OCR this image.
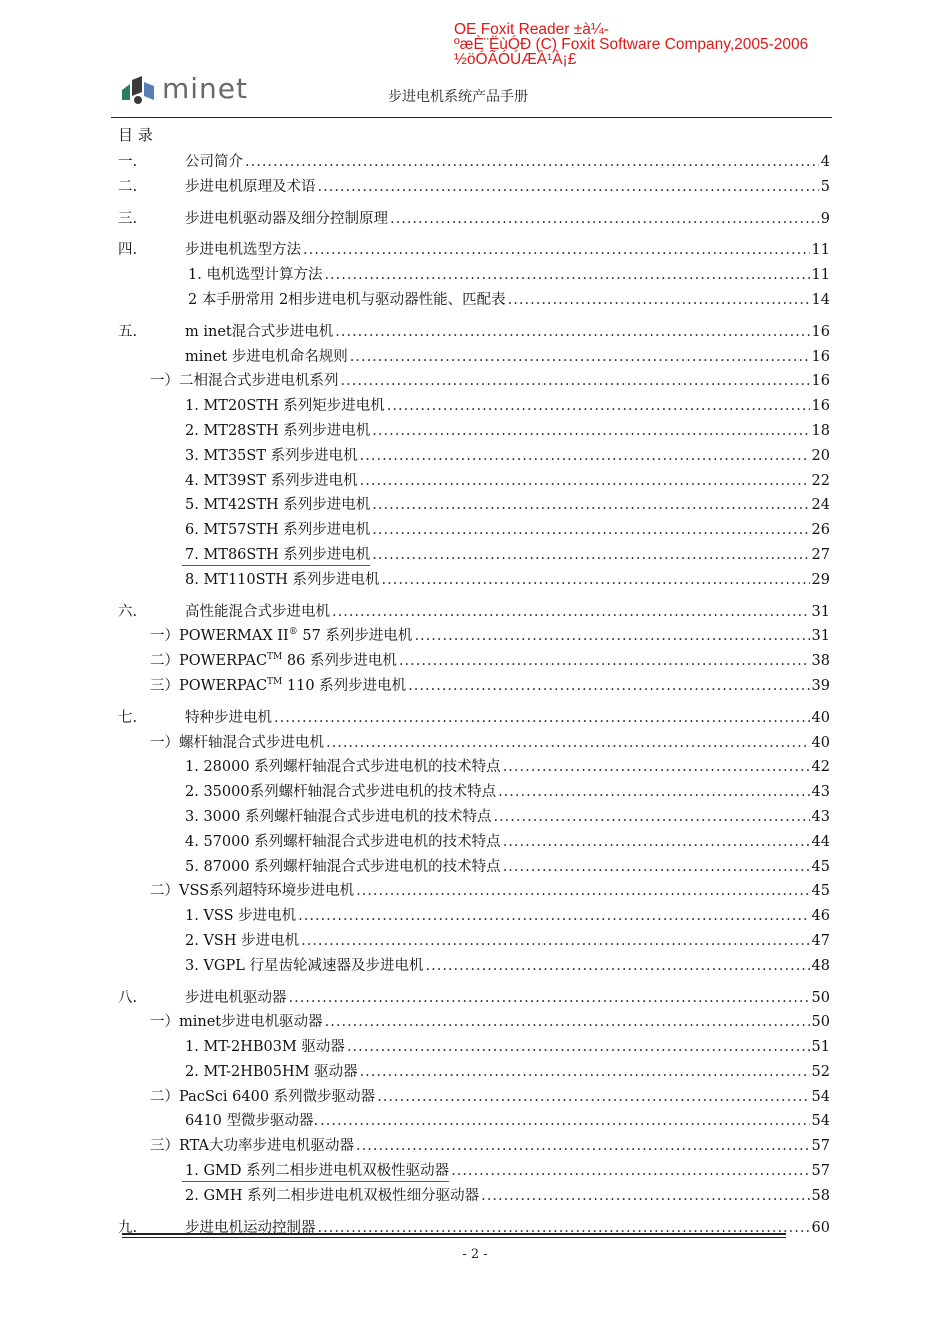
OE Foxit Reader ±à¼-
ºæÈ¨ËùÓÐ (C) Foxit Software Company,2005-2006
½öÓÃÓÚÆÀ¹À¡£
minet	步进电机系统产品手册
目 录
一.	公司简介 .....	4
二.	步进电机原理及术语 .....	5
三.	步进电机驱动器及细分控制原理 .....	9
四.	步进电机选型方法 .....	11
1. 电机选型计算方法 .....	11
2 本手册常用 2相步进电机与驱动器性能、匹配表 .....	14
五.	m inet混合式步进电机 .....	16
minet 步进电机命名规则 .....	16
一）二相混合式步进电机系列 .....	16
1. MT20STH 系列矩步进电机 .....	16
2. MT28STH 系列步进电机 .....	18
3. MT35ST 系列步进电机 .....	20
4. MT39ST 系列步进电机 .....	22
5. MT42STH 系列步进电机 .....	24
6. MT57STH 系列步进电机 .....	26
7. MT86STH 系列步进电机 .....	27
8. MT110STH 系列步进电机 .....	29
六.	高性能混合式步进电机 .....	31
一）POWERMAX II® 57 系列步进电机 .....	31
二）POWERPAC™ 86 系列步进电机 .....	38
三）POWERPAC™ 110 系列步进电机 .....	39
七.	特种步进电机 .....	40
一）螺杆轴混合式步进电机 .....	40
1. 28000 系列螺杆轴混合式步进电机的技术特点 .....	42
2. 35000系列螺杆轴混合式步进电机的技术特点 .....	43
3. 3000 系列螺杆轴混合式步进电机的技术特点 .....	43
4. 57000 系列螺杆轴混合式步进电机的技术特点 .....	44
5. 87000 系列螺杆轴混合式步进电机的技术特点 .....	45
二）VSS系列超特环境步进电机 .....	45
1. VSS 步进电机 .....	46
2. VSH 步进电机 .....	47
3. VGPL 行星齿轮减速器及步进电机 .....	48
八.	步进电机驱动器 .....	50
一）minet步进电机驱动器 .....	50
1. MT-2HB03M 驱动器 .....	51
2. MT-2HB05HM 驱动器 .....	52
二）PacSci 6400 系列微步驱动器 .....	54
6410 型微步驱动器. .....	54
三）RTA大功率步进电机驱动器 .....	57
1. GMD 系列二相步进电机双极性驱动器 .....	57
2. GMH 系列二相步进电机双极性细分驱动器 .....	58
九.	步进电机运动控制器 .....	60
- 2 -
